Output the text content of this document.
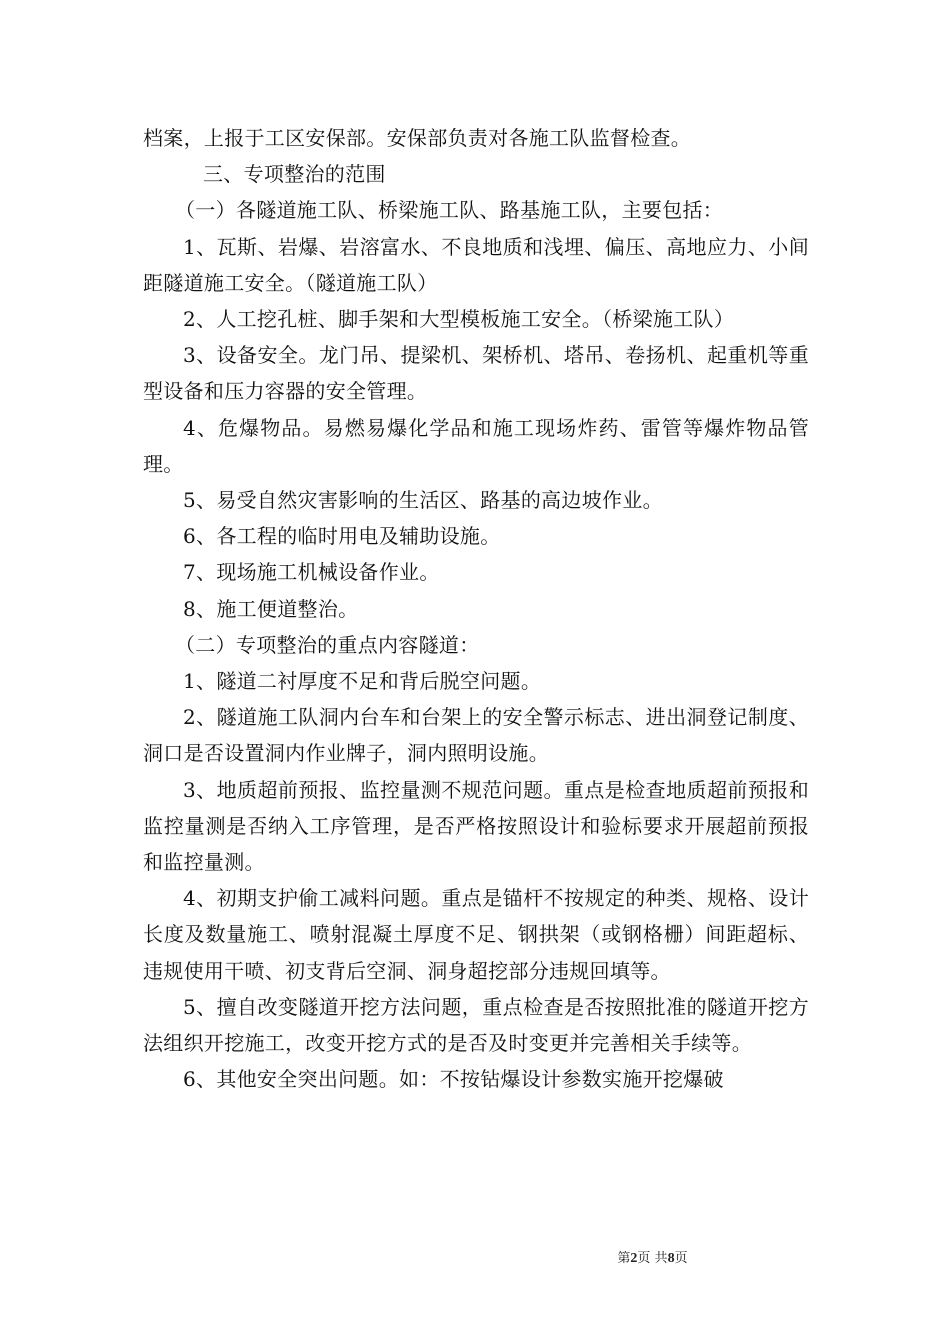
档案，上报于工区安保部。安保部负责对各施工队监督检查。

三、专项整治的范围

（一）各隧道施工队、桥梁施工队、路基施工队，主要包括：

1、瓦斯、岩爆、岩溶富水、不良地质和浅埋、偏压、高地应力、小间距隧道施工安全。（隧道施工队）

2、人工挖孔桩、脚手架和大型模板施工安全。（桥梁施工队）

3、设备安全。龙门吊、提梁机、架桥机、塔吊、卷扬机、起重机等重型设备和压力容器的安全管理。

4、危爆物品。易燃易爆化学品和施工现场炸药、雷管等爆炸物品管理。

5、易受自然灾害影响的生活区、路基的高边坡作业。

6、各工程的临时用电及辅助设施。

7、现场施工机械设备作业。

8、施工便道整治。

（二）专项整治的重点内容隧道：

1、隧道二衬厚度不足和背后脱空问题。

2、隧道施工队洞内台车和台架上的安全警示标志、进出洞登记制度、洞口是否设置洞内作业牌子，洞内照明设施。

3、地质超前预报、监控量测不规范问题。重点是检查地质超前预报和监控量测是否纳入工序管理，是否严格按照设计和验标要求开展超前预报和监控量测。

4、初期支护偷工减料问题。重点是锚杆不按规定的种类、规格、设计长度及数量施工、喷射混凝土厚度不足、钢拱架（或钢格栅）间距超标、违规使用干喷、初支背后空洞、洞身超挖部分违规回填等。

5、擅自改变隧道开挖方法问题，重点检查是否按照批准的隧道开挖方法组织开挖施工，改变开挖方式的是否及时变更并完善相关手续等。

6、其他安全突出问题。如：不按钻爆设计参数实施开挖爆破

第2页 共8页
